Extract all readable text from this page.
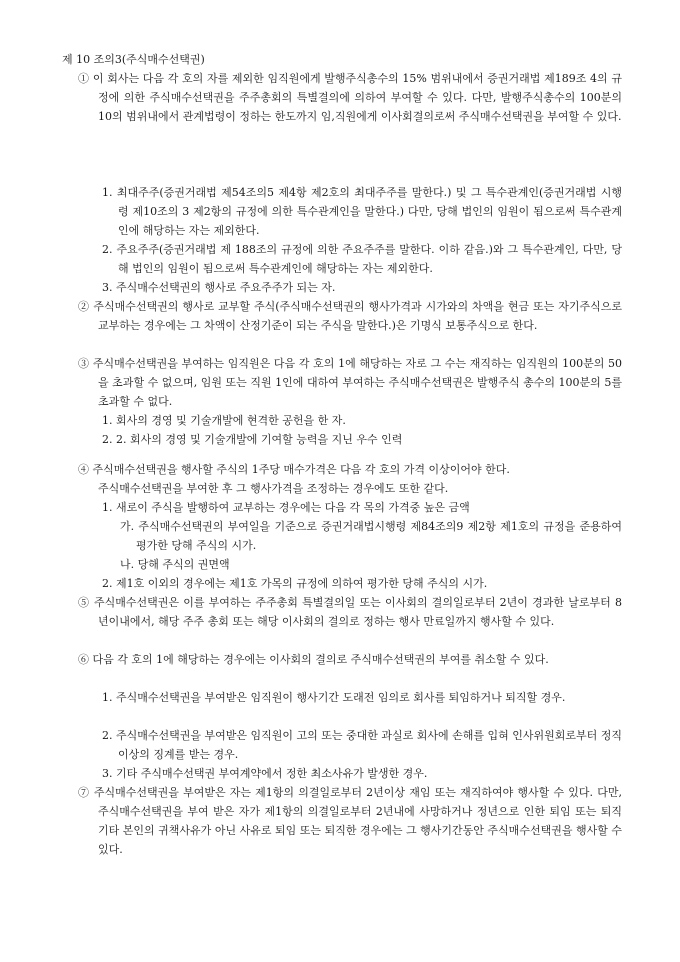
제 10 조의3(주식매수선택권)
① 이 회사는 다음 각 호의 자를 제외한 임직원에게 발행주식총수의 15% 범위내에서 증권거래법 제189조 4의 규정에 의한 주식매수선택권을 주주총회의 특별결의에 의하여 부여할 수 있다. 다만, 발행주식총수의 100분의 10의 범위내에서 관계법령이 정하는 한도까지 임,직원에게 이사회결의로써 주식매수선택권을 부여할 수 있다.
1. 최대주주(증권거래법 제54조의5 제4항 제2호의 최대주주를 말한다.) 및 그 특수관계인(증권거래법 시행령 제10조의 3 제2항의 규정에 의한 특수관계인을 말한다.) 다만, 당해 법인의 임원이 됨으로써 특수관계인에 해당하는 자는 제외한다.
2. 주요주주(증권거래법 제 188조의 규정에 의한 주요주주를 말한다. 이하 같음.)와 그 특수관계인, 다만, 당해 법인의 임원이 됨으로써 특수관계인에 해당하는 자는 제외한다.
3. 주식매수선택권의 행사로 주요주주가 되는 자.
② 주식매수선택권의 행사로 교부할 주식(주식매수선택권의 행사가격과 시가와의 차액을 현금 또는 자기주식으로 교부하는 경우에는 그 차액이 산정기준이 되는 주식을 말한다.)은 기명식 보통주식으로 한다.
③ 주식매수선택권을 부여하는 임직원은 다음 각 호의 1에 해당하는 자로 그 수는 재직하는 임직원의 100분의 50을 초과할 수 없으며, 임원 또는 직원 1인에 대하여 부여하는 주식매수선택권은 발행주식 총수의 100분의 5를 초과할 수 없다.
1. 회사의 경영 및 기술개발에 현격한 공헌을 한 자.
2. 2. 회사의 경영 및 기술개발에 기여할 능력을 지닌 우수 인력
④ 주식매수선택권을 행사할 주식의 1주당 매수가격은 다음 각 호의 가격 이상이어야 한다.
주식매수선택권을 부여한 후 그 행사가격을 조정하는 경우에도 또한 같다.
1. 새로이 주식을 발행하여 교부하는 경우에는 다음 각 목의 가격중 높은 금액
가. 주식매수선택권의 부여일을 기준으로 증권거래법시행령 제84조의9 제2항 제1호의 규정을 준용하여 평가한 당해 주식의 시가.
나. 당해 주식의 권면액
2. 제1호 이외의 경우에는 제1호 가목의 규정에 의하여 평가한 당해 주식의 시가.
⑤ 주식매수선택권은 이를 부여하는 주주총회 특별결의일 또는 이사회의 결의일로부터 2년이 경과한 날로부터 8년이내에서, 해당 주주 총회 또는 해당 이사회의 결의로 정하는 행사 만료일까지 행사할 수 있다.
⑥ 다음 각 호의 1에 해당하는 경우에는 이사회의 결의로 주식매수선택권의 부여를 취소할 수 있다.
1. 주식매수선택권을 부여받은 임직원이 행사기간 도래전 임의로 회사를 퇴임하거나 퇴직할 경우.
2. 주식매수선택권을 부여받은 임직원이 고의 또는 중대한 과실로 회사에 손해를 입혀 인사위원회로부터 정직이상의 징계를 받는 경우.
3. 기타 주식매수선택권 부여계약에서 정한 최소사유가 발생한 경우.
⑦ 주식매수선택권을 부여받은 자는 제1항의 의결일로부터 2년이상 재임 또는 재직하여야 행사할 수 있다. 다만, 주식매수선택권을 부여 받은 자가 제1항의 의결일로부터 2년내에 사망하거나 정년으로 인한 퇴임 또는 퇴직 기타 본인의 귀책사유가 아닌 사유로 퇴임 또는 퇴직한 경우에는 그 행사기간동안 주식매수선택권을 행사할 수 있다.
